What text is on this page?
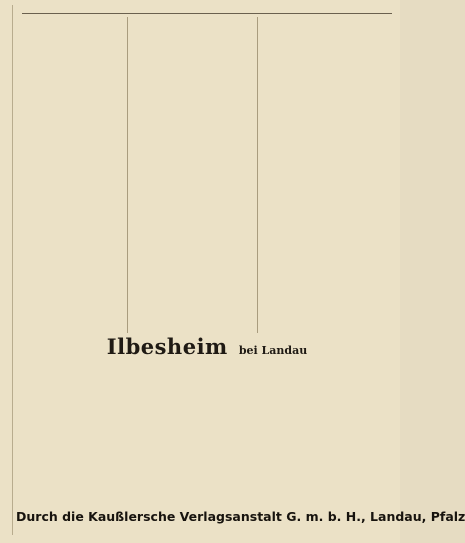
Ilbesheim bei Landau
Durch die Kaußlersche Verlagsanstalt G. m. b. H., Landau, Pfalz
